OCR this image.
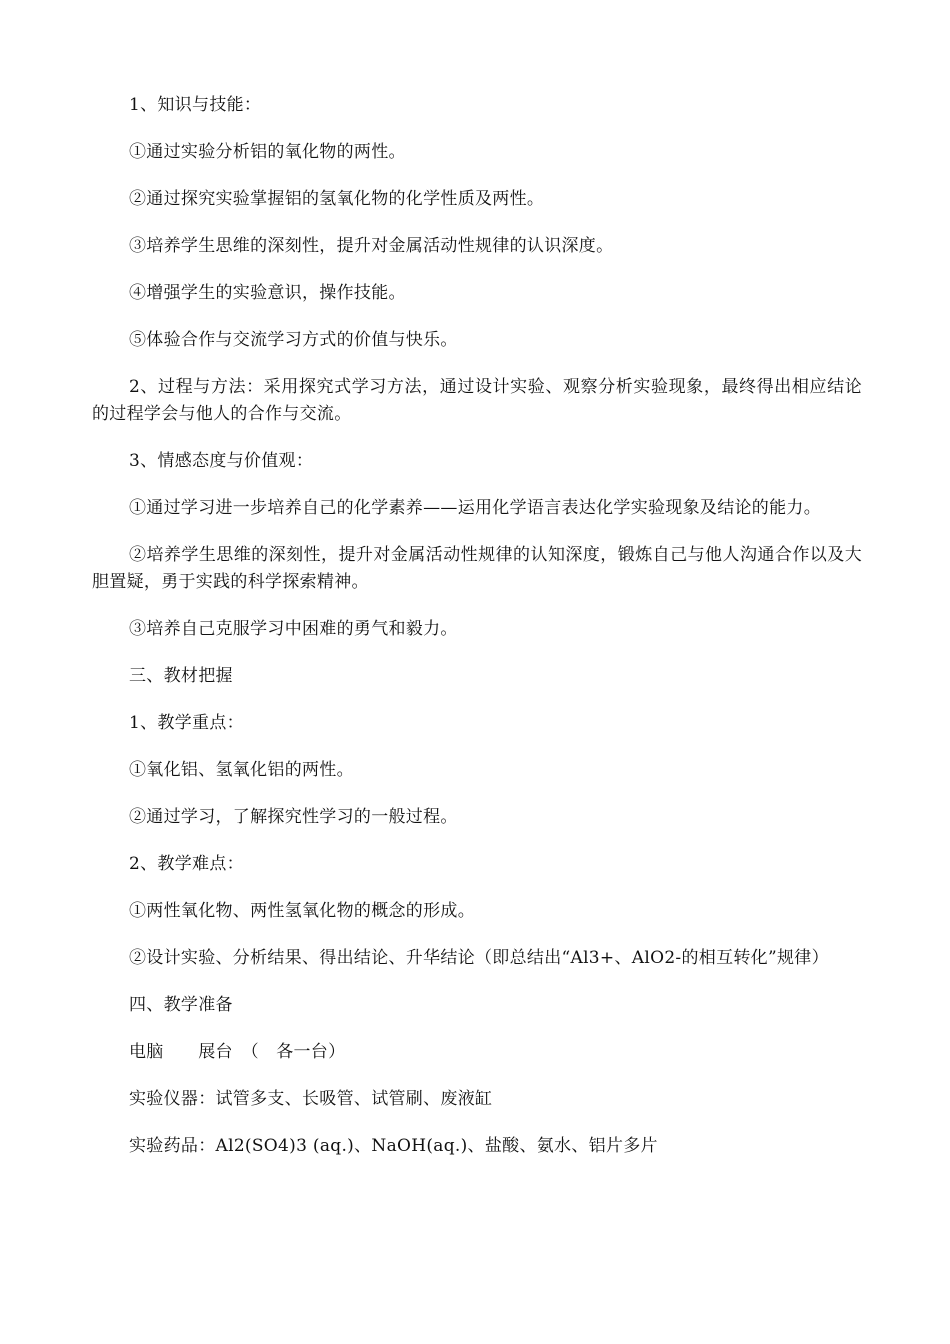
1、知识与技能：

①通过实验分析铝的氧化物的两性。

②通过探究实验掌握铝的氢氧化物的化学性质及两性。

③培养学生思维的深刻性，提升对金属活动性规律的认识深度。

④增强学生的实验意识，操作技能。

⑤体验合作与交流学习方式的价值与快乐。

2、过程与方法：采用探究式学习方法，通过设计实验、观察分析实验现象，最终得出相应结论的过程学会与他人的合作与交流。

3、情感态度与价值观：

①通过学习进一步培养自己的化学素养——运用化学语言表达化学实验现象及结论的能力。

②培养学生思维的深刻性，提升对金属活动性规律的认知深度，锻炼自己与他人沟通合作以及大胆置疑，勇于实践的科学探索精神。

③培养自己克服学习中困难的勇气和毅力。

三、教材把握

1、教学重点：

①氧化铝、氢氧化铝的两性。

②通过学习，了解探究性学习的一般过程。

2、教学难点：

①两性氧化物、两性氢氧化物的概念的形成。

②设计实验、分析结果、得出结论、升华结论（即总结出“Al3+、AlO2-的相互转化”规律）

四、教学准备

电脑　　展台　（　各一台）

实验仪器：试管多支、长吸管、试管刷、废液缸

实验药品：Al2(SO4)3 (aq.)、NaOH(aq.)、盐酸、氨水、铝片多片
